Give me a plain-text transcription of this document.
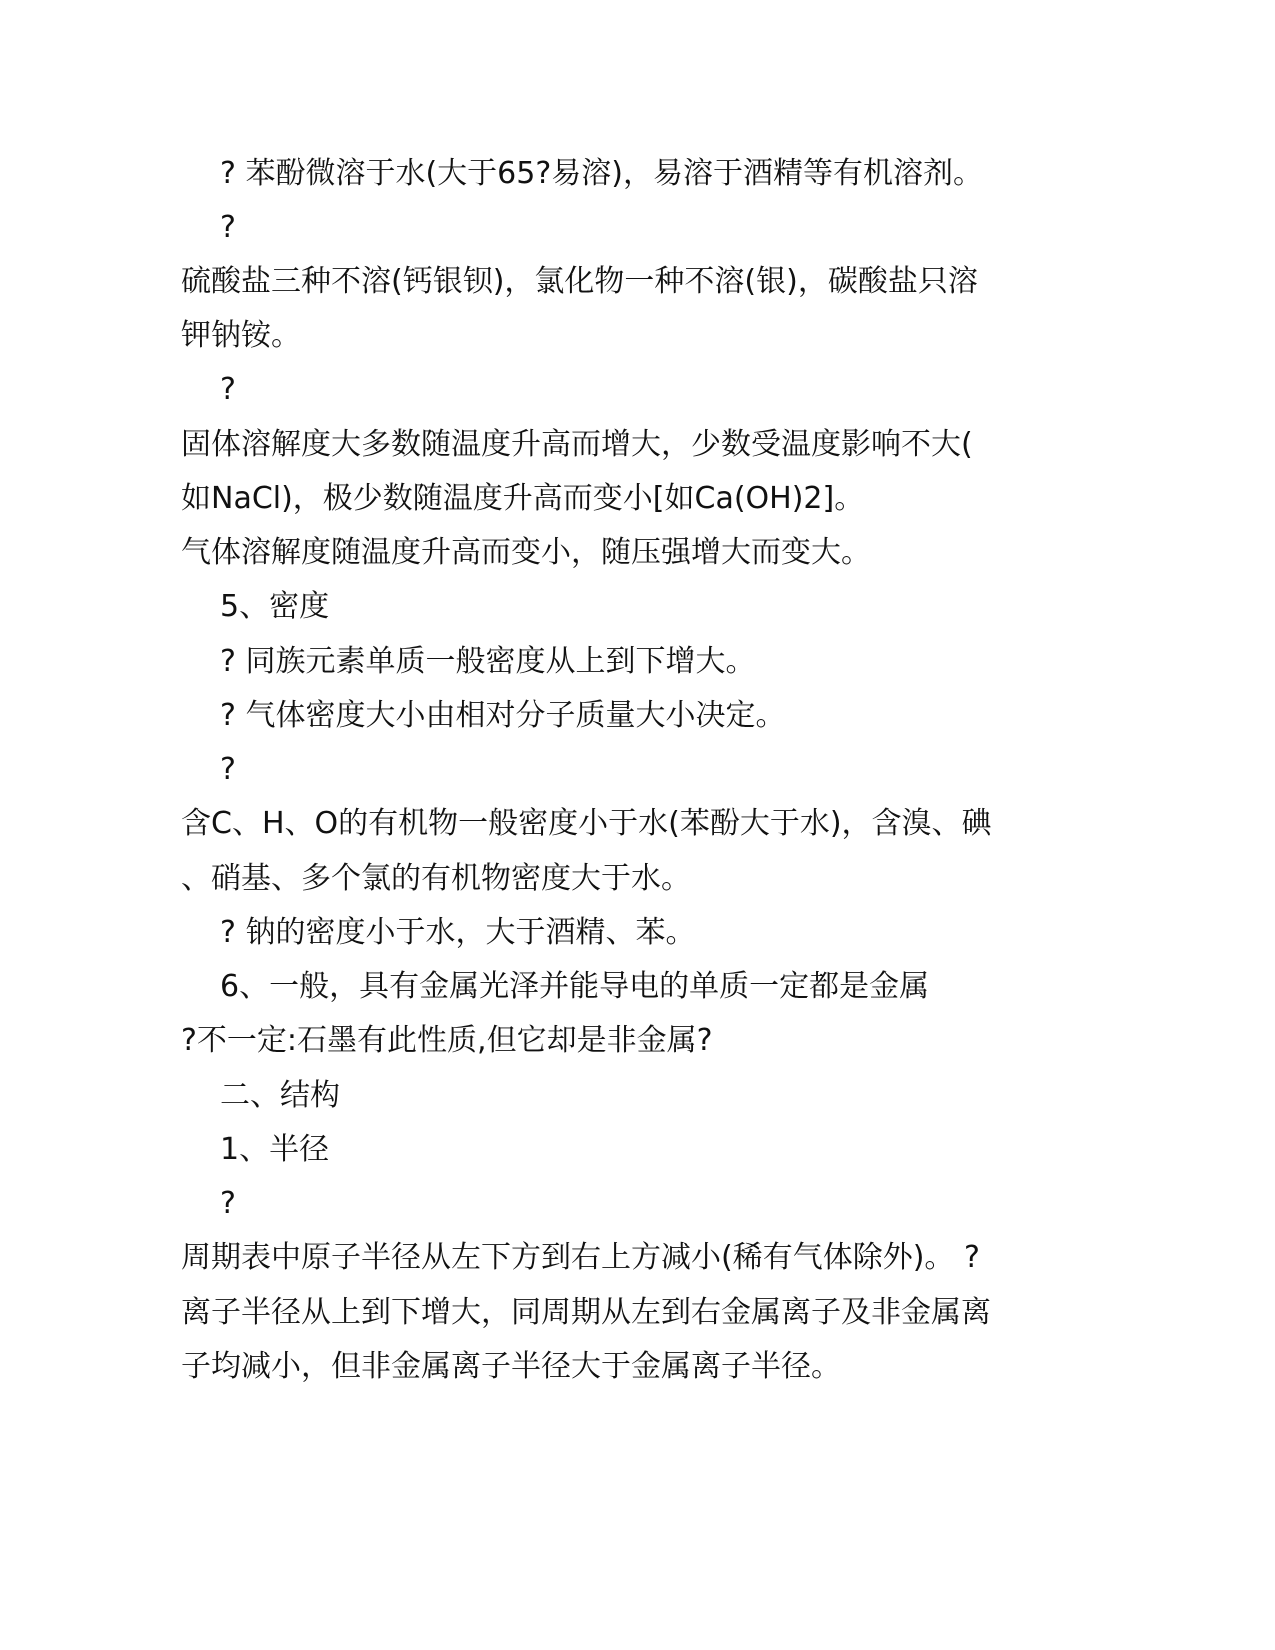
? 苯酚微溶于水(大于65?易溶)，易溶于酒精等有机溶剂。
?
硫酸盐三种不溶(钙银钡)，氯化物一种不溶(银)，碳酸盐只溶
钾钠铵。
?
固体溶解度大多数随温度升高而增大，少数受温度影响不大(
如NaCl)，极少数随温度升高而变小[如Ca(OH)2]。
气体溶解度随温度升高而变小，随压强增大而变大。
5、密度
? 同族元素单质一般密度从上到下增大。
? 气体密度大小由相对分子质量大小决定。
?
含C、H、O的有机物一般密度小于水(苯酚大于水)，含溴、碘
、硝基、多个氯的有机物密度大于水。
? 钠的密度小于水，大于酒精、苯。
6、一般，具有金属光泽并能导电的单质一定都是金属
?不一定:石墨有此性质,但它却是非金属?
二、结构
1、半径
?
周期表中原子半径从左下方到右上方减小(稀有气体除外)。 ?
离子半径从上到下增大，同周期从左到右金属离子及非金属离
子均减小，但非金属离子半径大于金属离子半径。
